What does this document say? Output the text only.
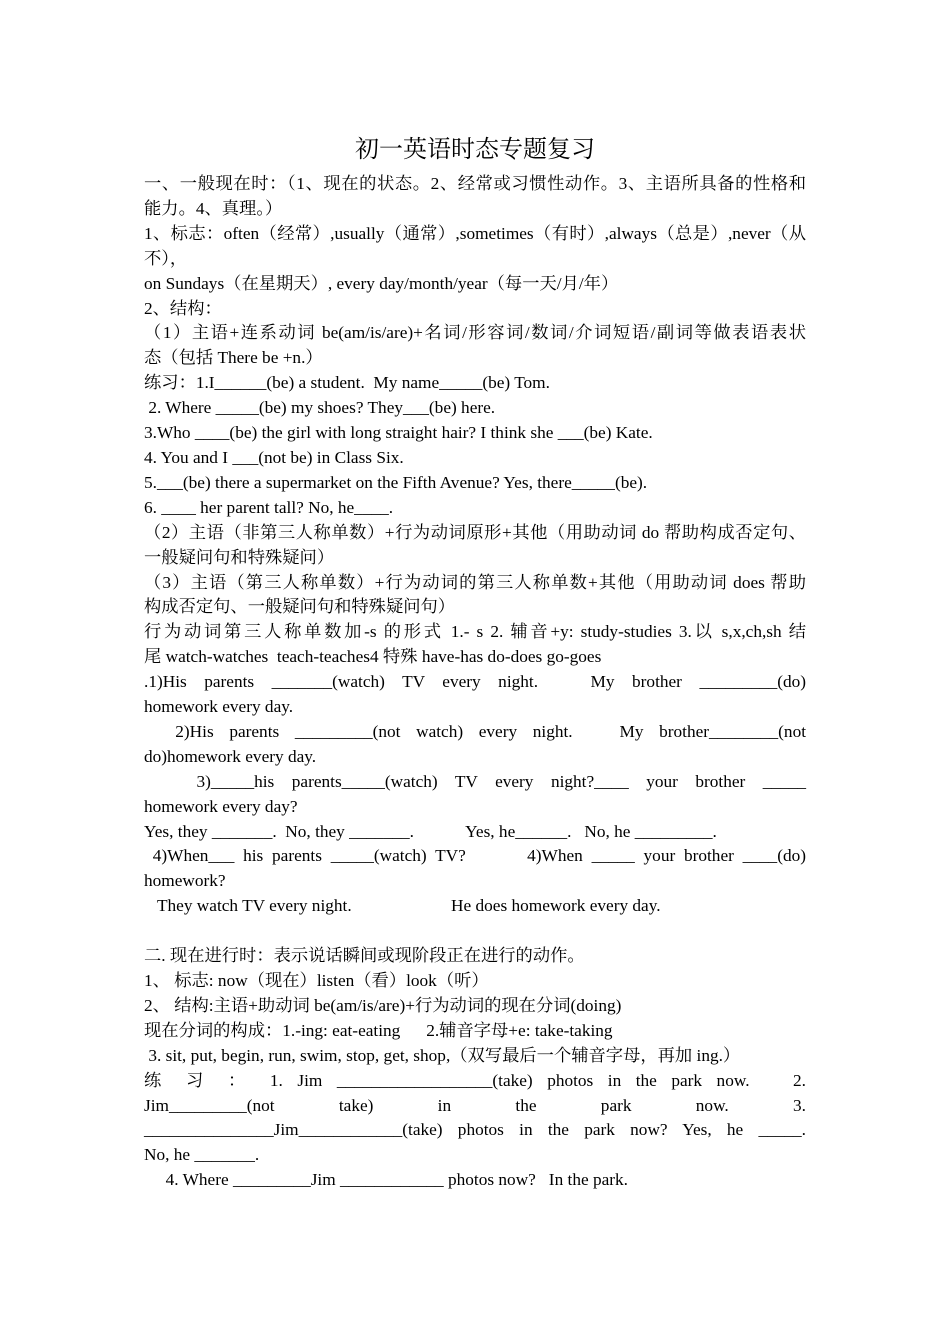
初一英语时态专题复习
一、一般现在时：（1、现在的状态。2、经常或习惯性动作。3、主语所具备的性格和
能力。4、真理。）
1、标志：often（经常）,usually（通常）,sometimes（有时）,always（总是）,never（从
不），
on Sundays（在星期天）, every day/month/year（每一天/月/年）
2、结构：
（1）主语+连系动词 be(am/is/are)+名词/形容词/数词/介词短语/副词等做表语表状
态（包括 There be +n.）
练习：1.I______(be) a student.  My name_____(be) Tom.
2. Where _____(be) my shoes? They___(be) here.
3.Who ____(be) the girl with long straight hair? I think she ___(be) Kate.
4. You and I ___(not be) in Class Six.
5.___(be) there a supermarket on the Fifth Avenue? Yes, there_____(be).
6. ____ her parent tall? No, he____.
（2）主语（非第三人称单数）+行为动词原形+其他（用助动词 do 帮助构成否定句、
一般疑问句和特殊疑问）
（3）主语（第三人称单数）+行为动词的第三人称单数+其他（用助动词 does 帮助
构成否定句、一般疑问句和特殊疑问句）
行为动词第三人称单数加-s 的形式 1.- s 2. 辅音+y: study-studies 3.以 s,x,ch,sh 结
尾 watch-watches  teach-teaches4 特殊 have-has do-does go-goes
.1)His parents _______(watch) TV every night.   My brother _________(do)
homework every day.
2)His parents _________(not watch) every night.   My brother________(not
do)homework every day.
3)_____his parents_____(watch) TV every night?____ your brother _____
homework every day?
Yes, they _______.  No, they _______.            Yes, he______.   No, he _________.
4)When___ his parents _____(watch) TV?       4)When _____ your brother ____(do)
homework?
They watch TV every night.                       He does homework every day.
二. 现在进行时：表示说话瞬间或现阶段正在进行的动作。
1、 标志: now（现在）listen（看）look（听）
2、 结构:主语+助动词 be(am/is/are)+行为动词的现在分词(doing)
现在分词的构成：1.-ing: eat-eating      2.辅音字母+e: take-taking
3. sit, put, begin, run, swim, stop, get, shop,（双写最后一个辅音字母，再加 ing.）
练 习 ： 1. Jim __________________(take) photos in the park now.   2.
Jim_________(not take) in the park now. 3.
_______________Jim____________(take) photos in the park now? Yes, he _____.
No, he _______.
4. Where _________Jim ____________ photos now?   In the park.
